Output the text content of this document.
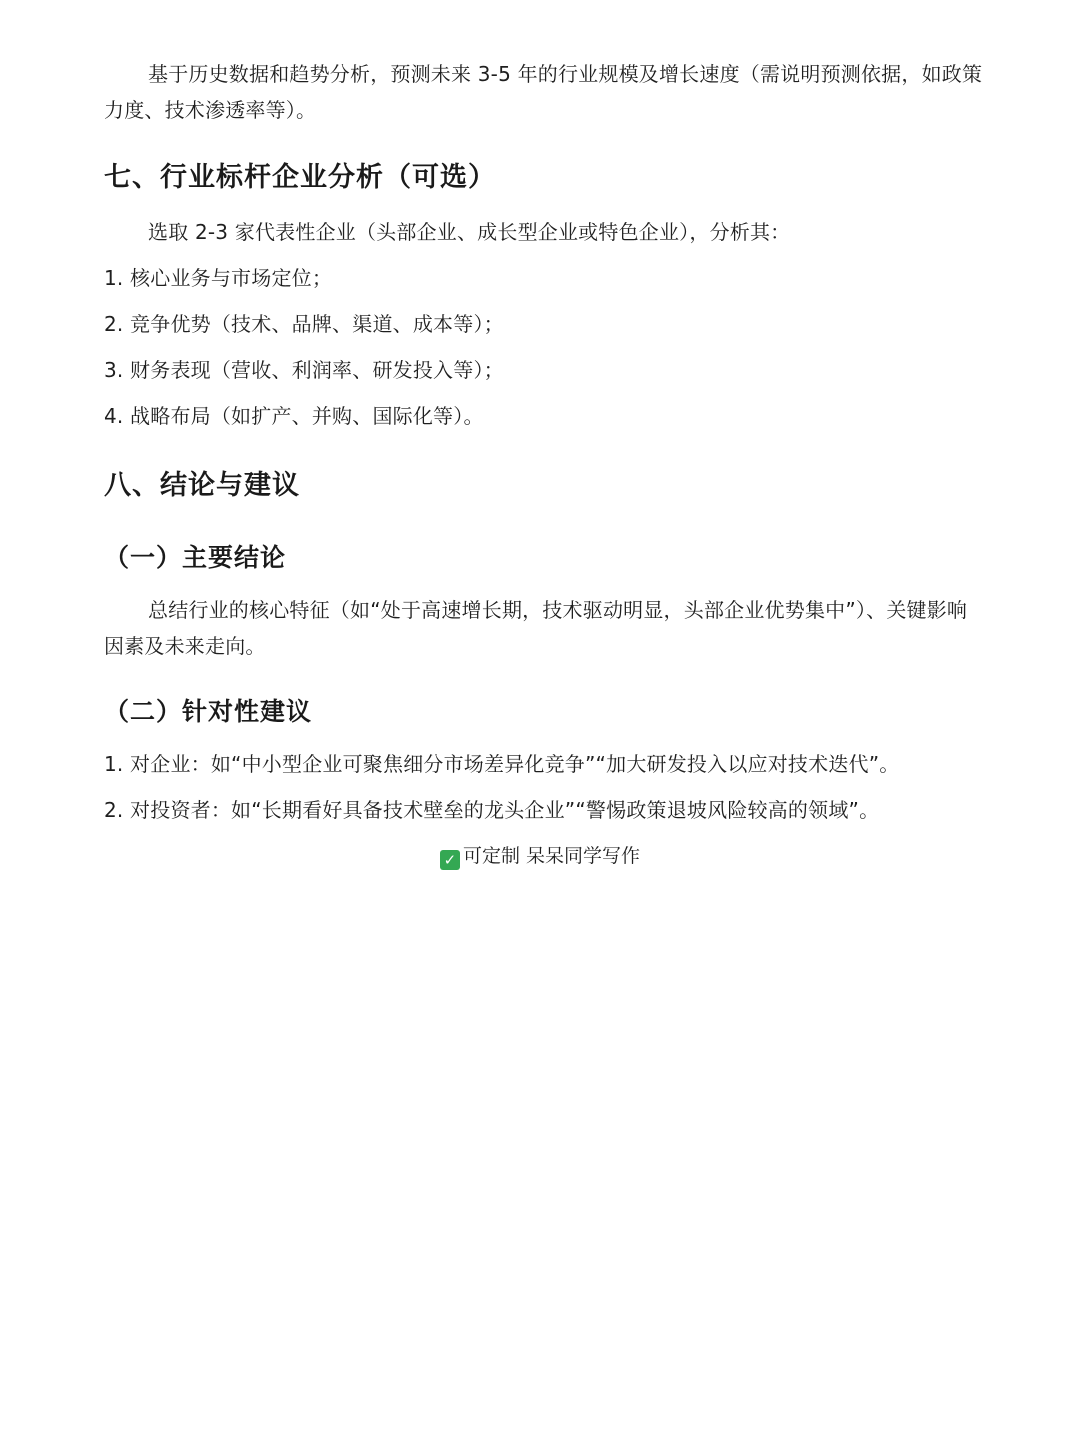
基于历史数据和趋势分析，预测未来 3-5 年的行业规模及增长速度（需说明预测依据，如政策力度、技术渗透率等）。

七、行业标杆企业分析（可选）

选取 2-3 家代表性企业（头部企业、成长型企业或特色企业），分析其：

1. 核心业务与市场定位；

2. 竞争优势（技术、品牌、渠道、成本等）；

3. 财务表现（营收、利润率、研发投入等）；

4. 战略布局（如扩产、并购、国际化等）。

八、结论与建议
（一）主要结论

总结行业的核心特征（如“处于高速增长期，技术驱动明显，头部企业优势集中”）、关键影响因素及未来走向。

（二）针对性建议

1. 对企业：如“中小型企业可聚焦细分市场差异化竞争”“加大研发投入以应对技术迭代”。

2. 对投资者：如“长期看好具备技术壁垒的龙头企业”“警惕政策退坡风险较高的领域”。

✓ 可定制 呆呆同学写作
